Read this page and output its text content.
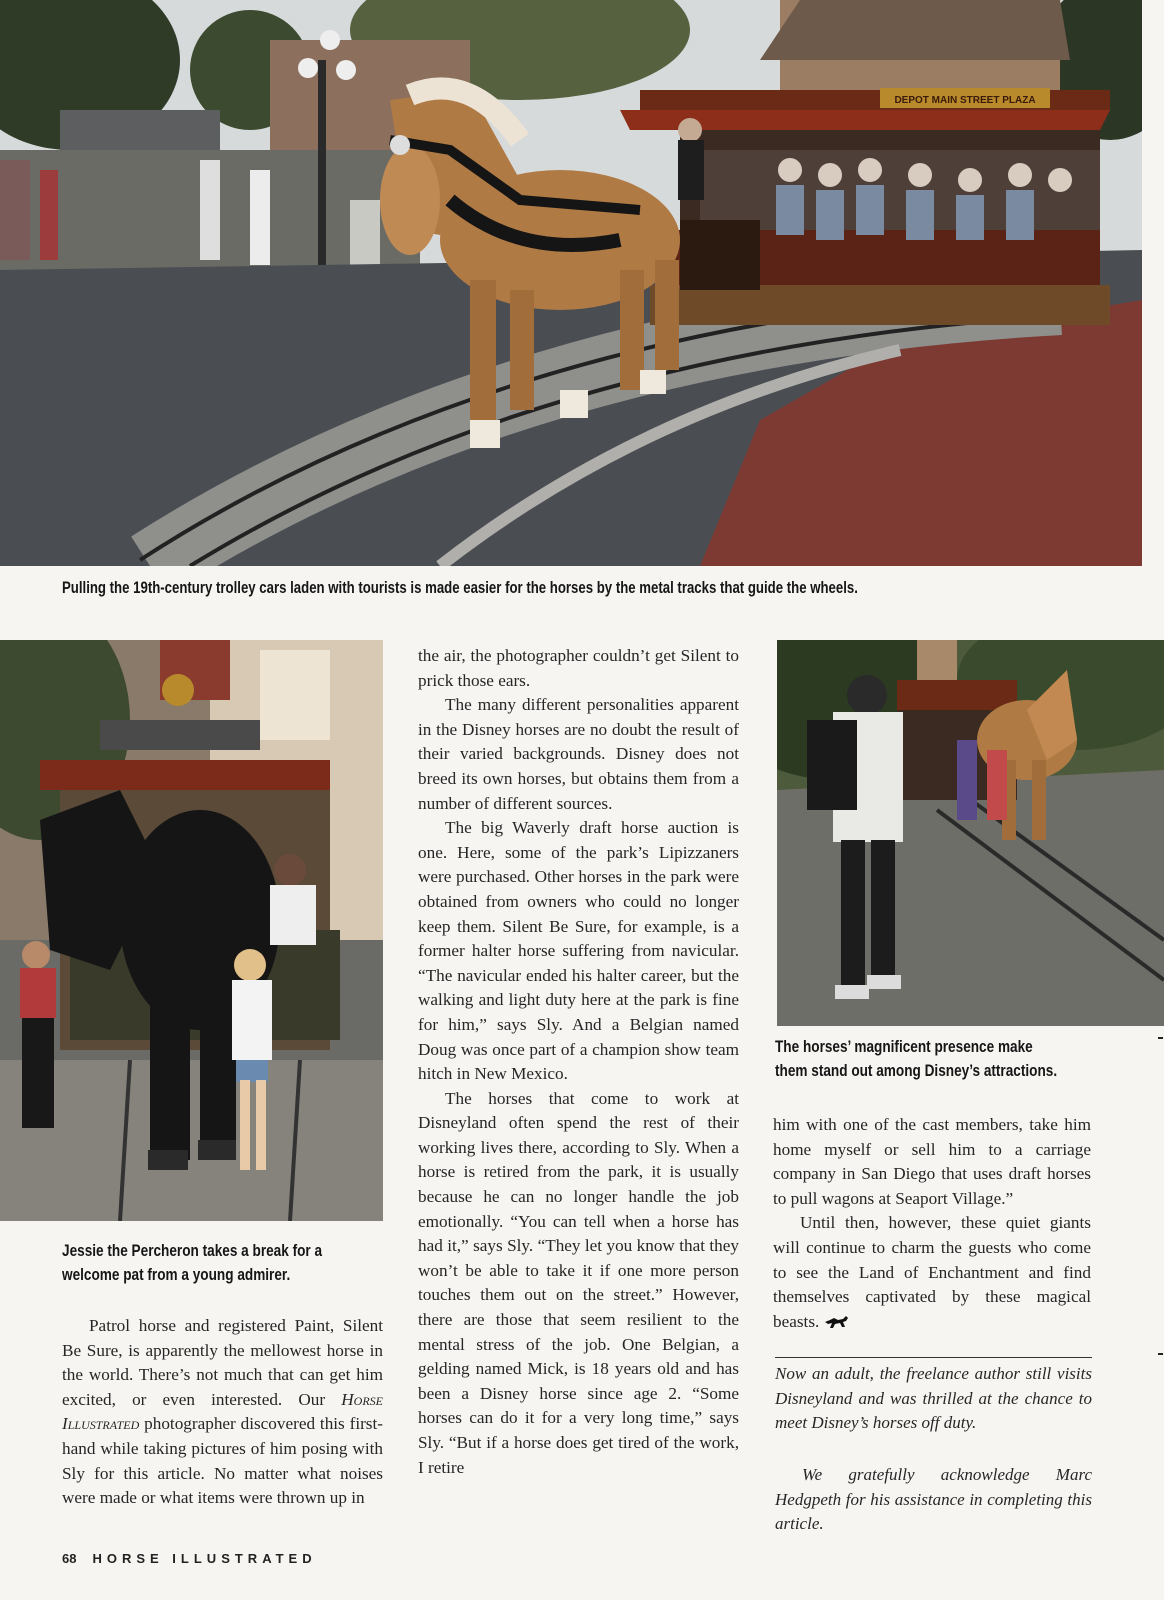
DEPOT MAIN STREET PLAZA
Pulling the 19th-century trolley cars laden with tourists is made easier for the horses by the metal tracks that guide the wheels.
Jessie the Percheron takes a break for a
welcome pat from a young admirer.
The horses’ magnificent presence make
them stand out among Disney’s attractions.

Patrol horse and registered Paint, Silent Be Sure, is apparently the mellowest horse in the world. There’s not much that can get him excited, or even interested. Our Horse Illustrated photographer discovered this first-hand while taking pictures of him posing with Sly for this article. No matter what noises were made or what items were thrown up in

the air, the photographer couldn’t get Silent to prick those ears.

The many different personalities apparent in the Disney horses are no doubt the result of their varied backgrounds. Disney does not breed its own horses, but obtains them from a number of different sources.

The big Waverly draft horse auction is one. Here, some of the park’s Lipizzaners were purchased. Other horses in the park were obtained from owners who could no longer keep them. Silent Be Sure, for example, is a former halter horse suffering from navicular. “The navicular ended his halter career, but the walking and light duty here at the park is fine for him,” says Sly. And a Belgian named Doug was once part of a champion show team hitch in New Mexico.

The horses that come to work at Disneyland often spend the rest of their working lives there, according to Sly. When a horse is retired from the park, it is usually because he can no longer handle the job emotionally. “You can tell when a horse has had it,” says Sly. “They let you know that they won’t be able to take it if one more person touches them out on the street.” However, there are those that seem resilient to the mental stress of the job. One Belgian, a gelding named Mick, is 18 years old and has been a Disney horse since age 2. “Some horses can do it for a very long time,” says Sly. “But if a horse does get tired of the work, I retire

him with one of the cast members, take him home myself or sell him to a carriage company in San Diego that uses draft horses to pull wagons at Seaport Village.”

Until then, however, these quiet giants will continue to charm the guests who come to see the Land of Enchantment and find themselves captivated by these magical beasts.

Now an adult, the freelance author still visits Disneyland and was thrilled at the chance to meet Disney’s horses off duty.

We gratefully acknowledge Marc Hedgpeth for his assistance in completing this article.

68 HORSE ILLUSTRATED
